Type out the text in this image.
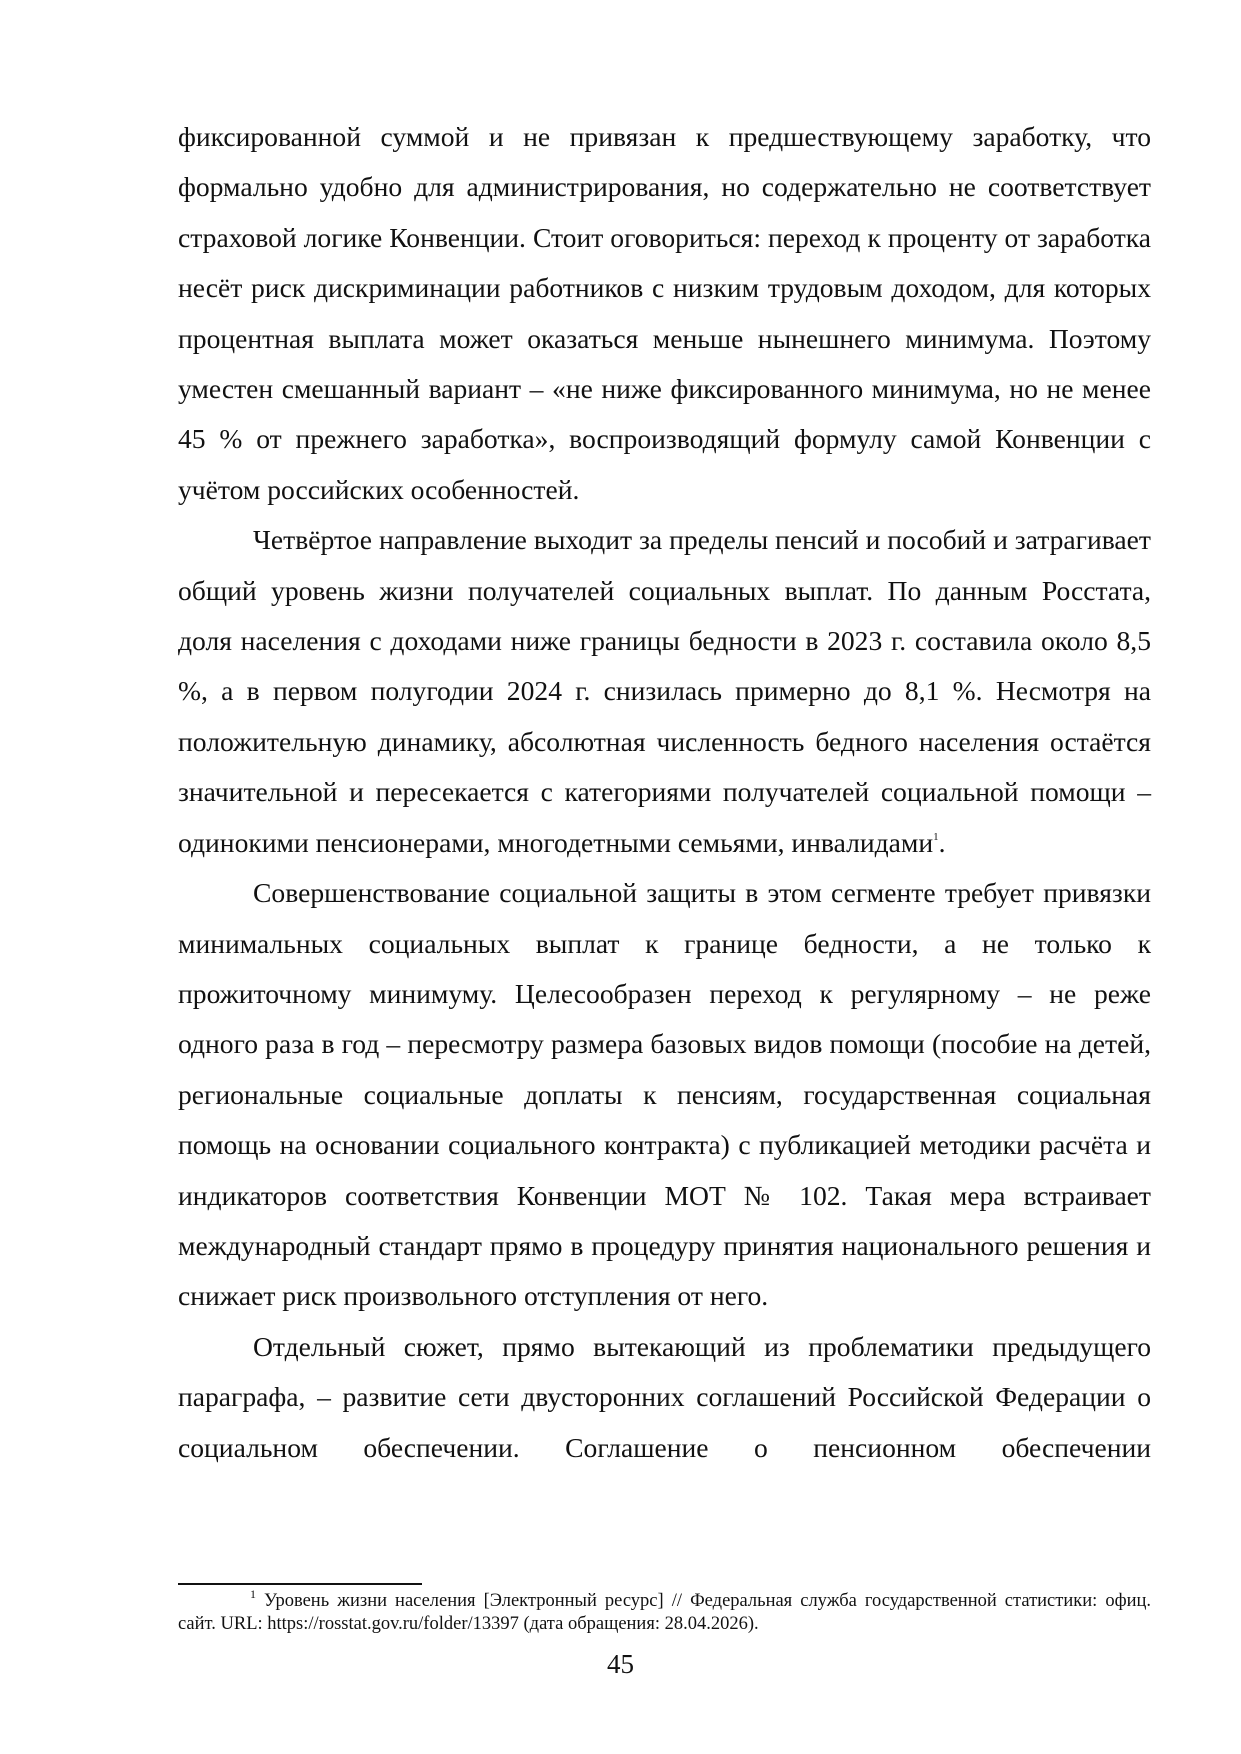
фиксированной суммой и не привязан к предшествующему заработку, что формально удобно для администрирования, но содержательно не соответствует страховой логике Конвенции. Стоит оговориться: переход к проценту от заработка несёт риск дискриминации работников с низким трудовым доходом, для которых процентная выплата может оказаться меньше нынешнего минимума. Поэтому уместен смешанный вариант – «не ниже фиксированного минимума, но не менее 45 % от прежнего заработка», воспроизводящий формулу самой Конвенции с учётом российских особенностей.

Четвёртое направление выходит за пределы пенсий и пособий и затрагивает общий уровень жизни получателей социальных выплат. По данным Росстата, доля населения с доходами ниже границы бедности в 2023 г. составила около 8,5 %, а в первом полугодии 2024 г. снизилась примерно до 8,1 %. Несмотря на положительную динамику, абсолютная численность бедного населения остаётся значительной и пересекается с категориями получателей социальной помощи – одинокими пенсионерами, многодетными семьями, инвалидами$^1$.

Совершенствование социальной защиты в этом сегменте требует привязки минимальных социальных выплат к границе бедности, а не только к прожиточному минимуму. Целесообразен переход к регулярному – не реже одного раза в год – пересмотру размера базовых видов помощи (пособие на детей, региональные социальные доплаты к пенсиям, государственная социальная помощь на основании социального контракта) с публикацией методики расчёта и индикаторов соответствия Конвенции МОТ № 102. Такая мера встраивает международный стандарт прямо в процедуру принятия национального решения и снижает риск произвольного отступления от него.

Отдельный сюжет, прямо вытекающий из проблематики предыдущего параграфа, – развитие сети двусторонних соглашений Российской Федерации о социальном обеспечении. Соглашение о пенсионном обеспечении

$^1$ Уровень жизни населения [Электронный ресурс] // Федеральная служба государственной статистики: офиц. сайт. URL: https://rosstat.gov.ru/folder/13397 (дата обращения: 28.04.2026).
45
